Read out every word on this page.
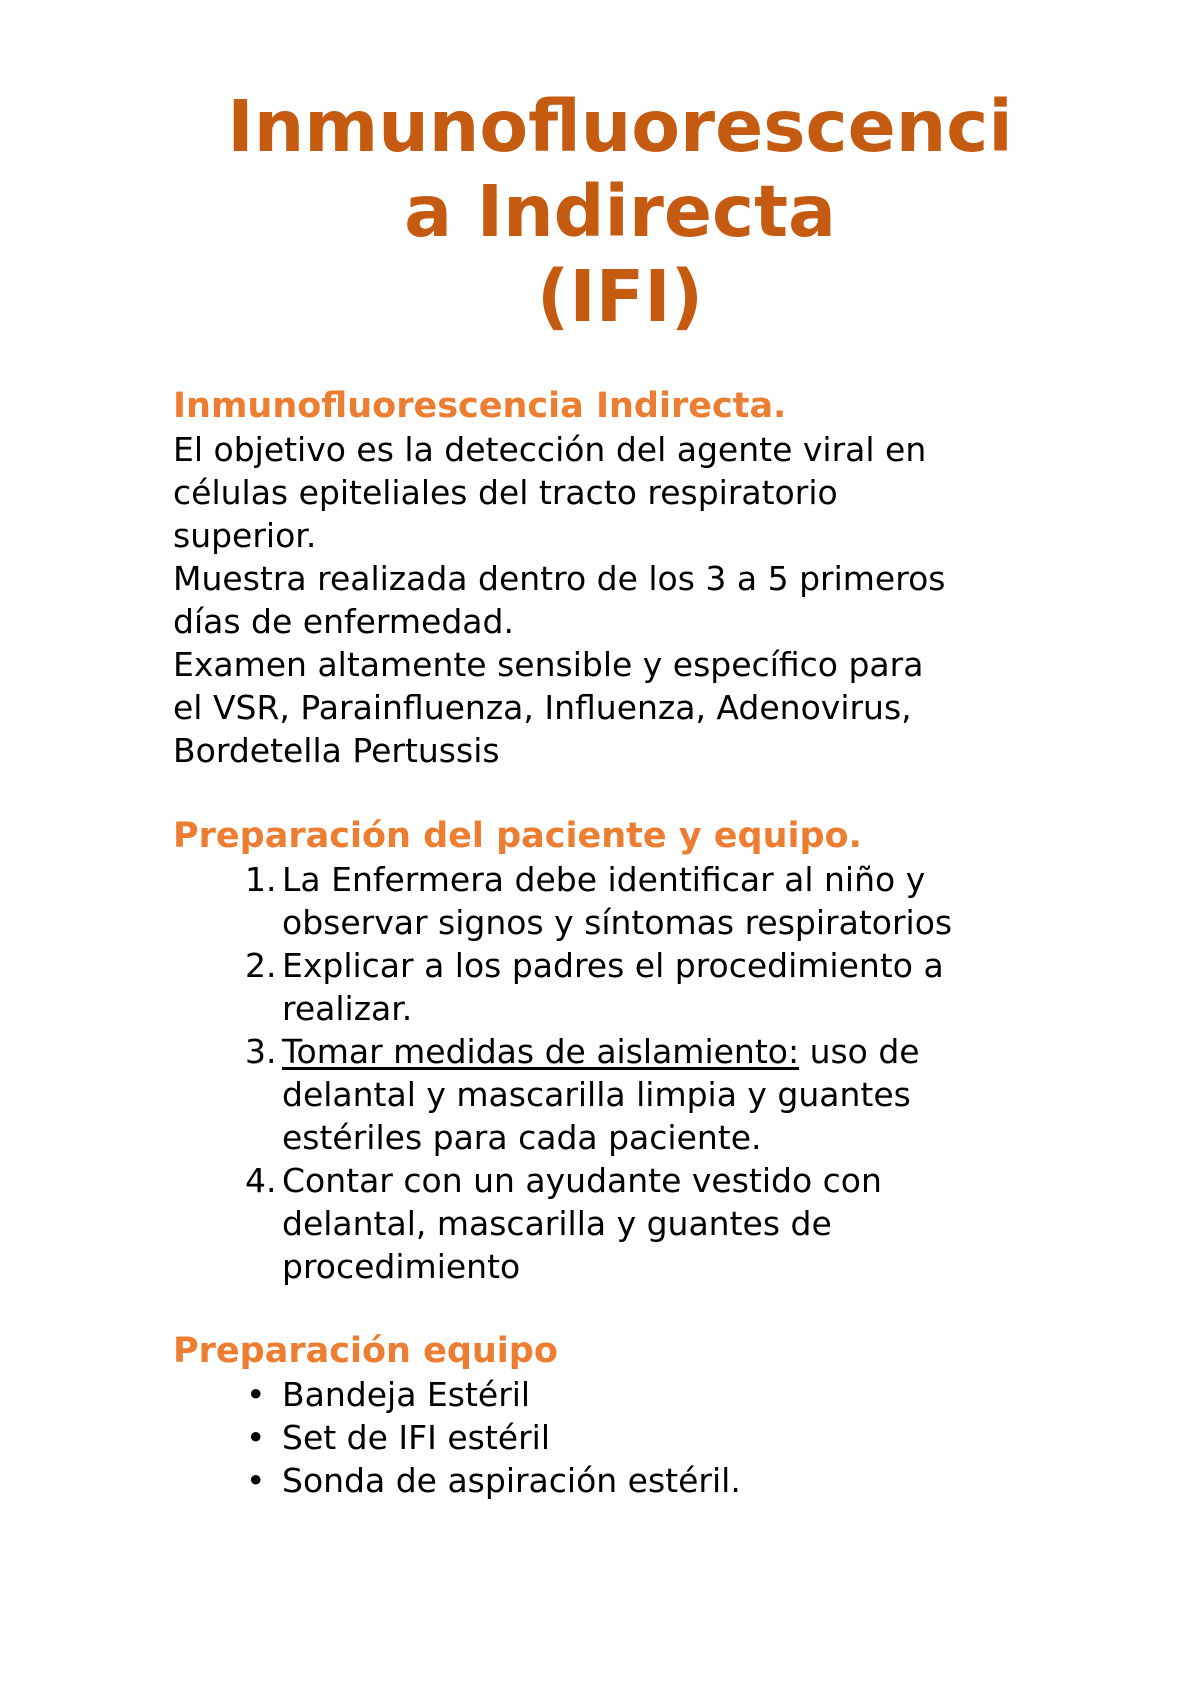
Inmunofluorescenci
a Indirecta
(IFI)

Inmunofluorescencia Indirecta.

El objetivo es la detección del agente viral en

células epiteliales del tracto respiratorio

superior.

Muestra realizada dentro de los 3 a 5 primeros

días de enfermedad.

Examen altamente sensible y específico para

el VSR, Parainfluenza, Influenza, Adenovirus,

Bordetella Pertussis

Preparación del paciente y equipo.

1. La Enfermera debe identificar al niño y
observar signos y síntomas respiratorios
2. Explicar a los padres el procedimiento a
realizar.
3. Tomar medidas de aislamiento: uso de
delantal y mascarilla limpia y guantes
estériles para cada paciente.
4. Contar con un ayudante vestido con
delantal, mascarilla y guantes de
procedimiento

Preparación equipo

• Bandeja Estéril
• Set de IFI estéril
• Sonda de aspiración estéril.
